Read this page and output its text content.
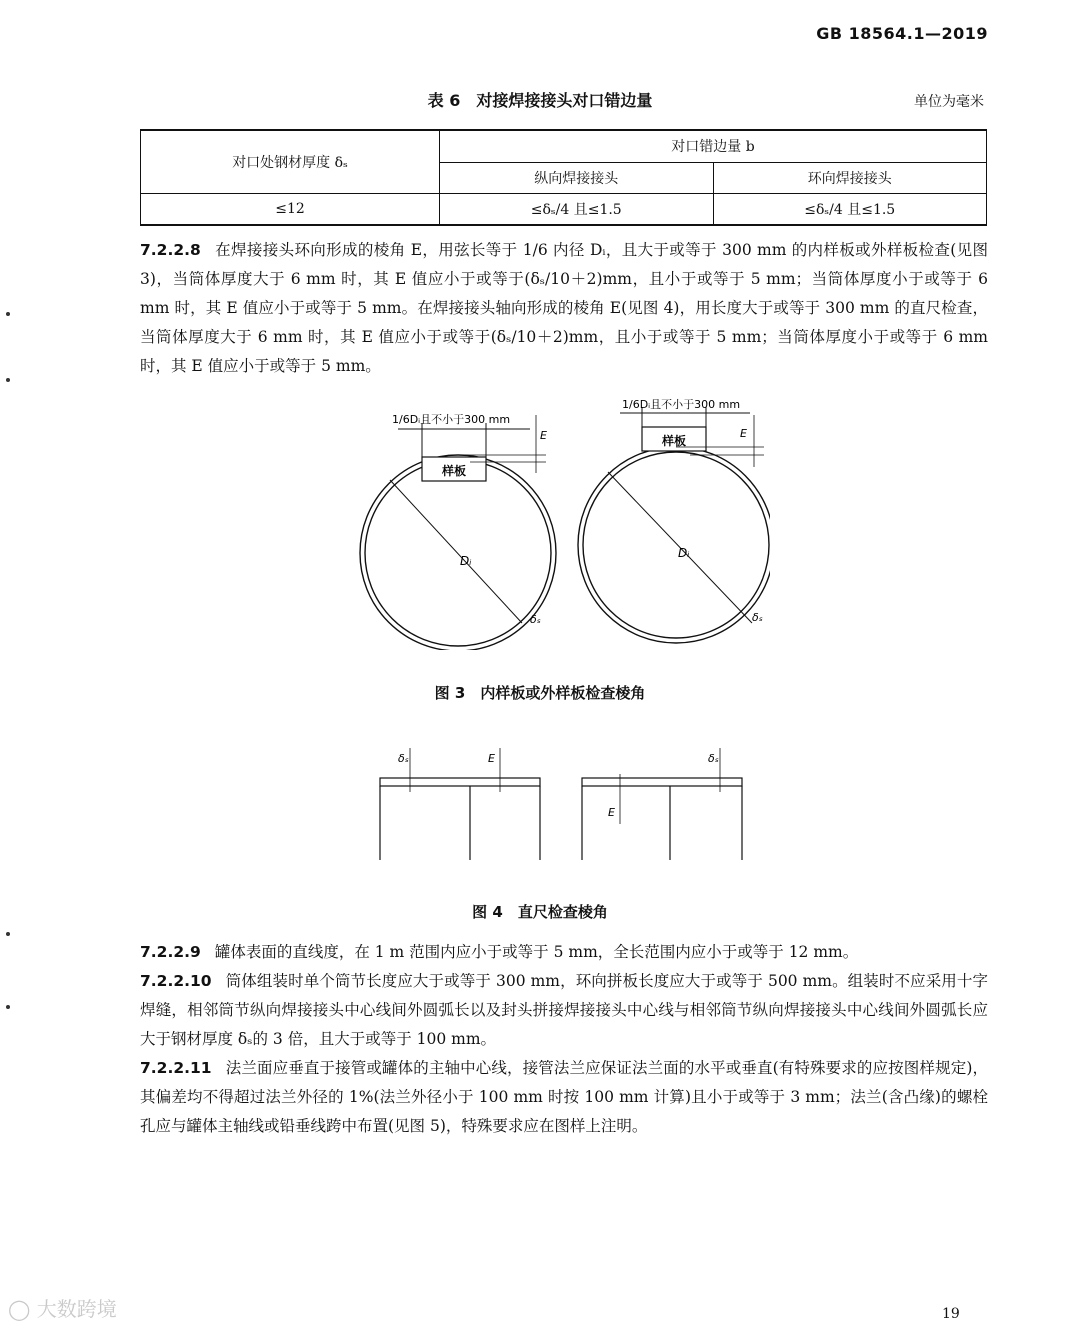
GB 18564.1—2019
表 6　对接焊接接头对口错边量	单位为毫米
对口处钢材厚度 δₛ	对口错边量 b	
	纵向焊接接头	环向焊接接头
≤12	≤δₛ/4 且≤1.5	≤δₛ/4 且≤1.5

7.2.2.8 在焊接接头环向形成的棱角 E，用弦长等于 1/6 内径 Dᵢ，且大于或等于 300 mm 的内样板或外样板检查(见图 3)，当筒体厚度大于 6 mm 时，其 E 值应小于或等于(δₛ/10＋2)mm，且小于或等于 5 mm；当筒体厚度小于或等于 6 mm 时，其 E 值应小于或等于 5 mm。在焊接接头轴向形成的棱角 E(见图 4)，用长度大于或等于 300 mm 的直尺检查，当筒体厚度大于 6 mm 时，其 E 值应小于或等于(δₛ/10＋2)mm，且小于或等于 5 mm；当筒体厚度小于或等于 6 mm 时，其 E 值应小于或等于 5 mm。

样板
1/6Dᵢ且不小于300 mm
E
Dᵢ
δₛ
样板
1/6Dᵢ且不小于300 mm
E
Dᵢ
δₛ
图 3　内样板或外样板检查棱角
δₛ	E	δₛ
E
图 4　直尺检查棱角

7.2.2.9 罐体表面的直线度，在 1 m 范围内应小于或等于 5 mm，全长范围内应小于或等于 12 mm。

7.2.2.10 筒体组装时单个筒节长度应大于或等于 300 mm，环向拼板长度应大于或等于 500 mm。组装时不应采用十字焊缝，相邻筒节纵向焊接接头中心线间外圆弧长以及封头拼接焊接接头中心线与相邻筒节纵向焊接接头中心线间外圆弧长应大于钢材厚度 δₛ的 3 倍，且大于或等于 100 mm。

7.2.2.11 法兰面应垂直于接管或罐体的主轴中心线，接管法兰应保证法兰面的水平或垂直(有特殊要求的应按图样规定)，其偏差均不得超过法兰外径的 1%(法兰外径小于 100 mm 时按 100 mm 计算)且小于或等于 3 mm；法兰(含凸缘)的螺栓孔应与罐体主轴线或铅垂线跨中布置(见图 5)，特殊要求应在图样上注明。

◯ 大数跨境	19
